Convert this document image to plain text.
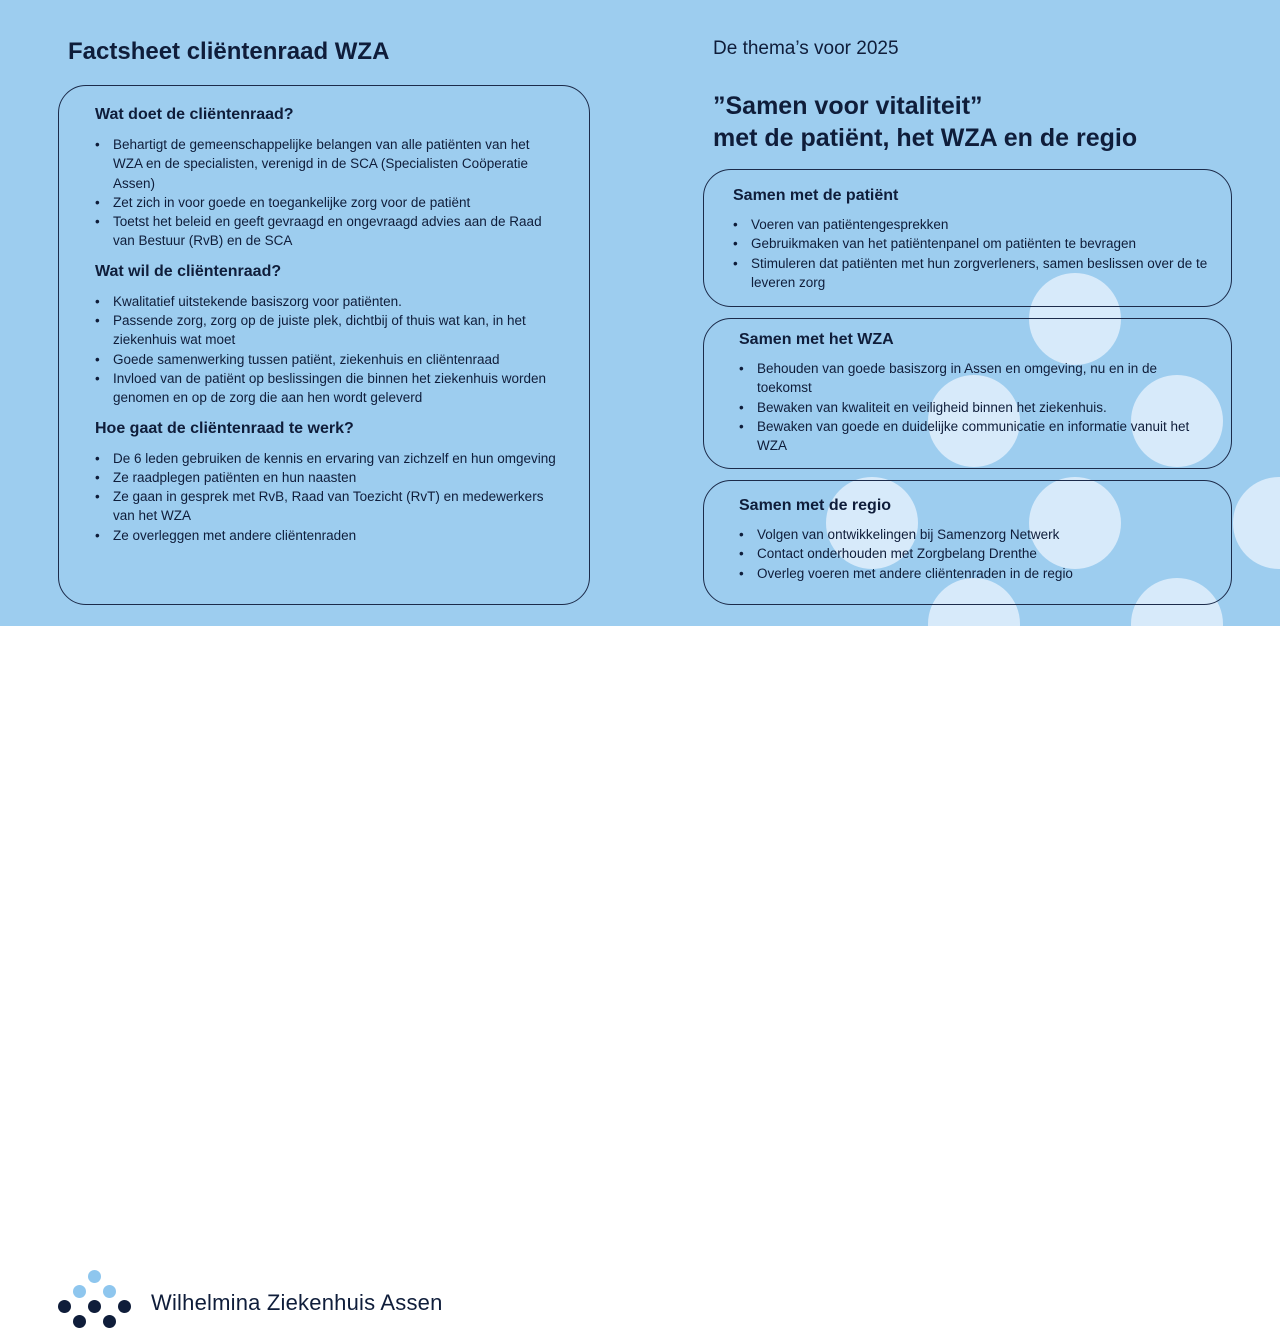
Factsheet cliëntenraad WZA	De thema’s voor 2025
”Samen voor vitaliteit”
met de patiënt, het WZA en de regio
Wat doet de cliëntenraad?
• Behartigt de gemeenschappelijke belangen van alle patiënten van het WZA en de specialisten, verenigd in de SCA (Specialisten Coöperatie Assen)
• Zet zich in voor goede en toegankelijke zorg voor de patiënt
• Toetst het beleid en geeft gevraagd en ongevraagd advies aan de Raad van Bestuur (RvB) en de SCA
Wat wil de cliëntenraad?
• Kwalitatief uitstekende basiszorg voor patiënten.
• Passende zorg, zorg op de juiste plek, dichtbij of thuis wat kan, in het ziekenhuis wat moet
• Goede samenwerking tussen patiënt, ziekenhuis en cliëntenraad
• Invloed van de patiënt op beslissingen die binnen het ziekenhuis worden genomen en op de zorg die aan hen wordt geleverd
Hoe gaat de cliëntenraad te werk?
• De 6 leden gebruiken de kennis en ervaring van zichzelf en hun omgeving
• Ze raadplegen patiënten en hun naasten
• Ze gaan in gesprek met RvB, Raad van Toezicht (RvT) en medewerkers van het WZA
• Ze overleggen met andere cliëntenraden
Samen met de patiënt
• Voeren van patiëntengesprekken
• Gebruikmaken van het patiëntenpanel om patiënten te bevragen
• Stimuleren dat patiënten met hun zorgverleners, samen beslissen over de te leveren zorg
Samen met het WZA
• Behouden van goede basiszorg in Assen en omgeving, nu en in de toekomst
• Bewaken van kwaliteit en veiligheid binnen het ziekenhuis.
• Bewaken van goede en duidelijke communicatie en informatie vanuit het WZA
Samen met de regio
• Volgen van ontwikkelingen bij Samenzorg Netwerk
• Contact onderhouden met Zorgbelang Drenthe
• Overleg voeren met andere cliëntenraden in de regio
Wilhelmina Ziekenhuis Assen
